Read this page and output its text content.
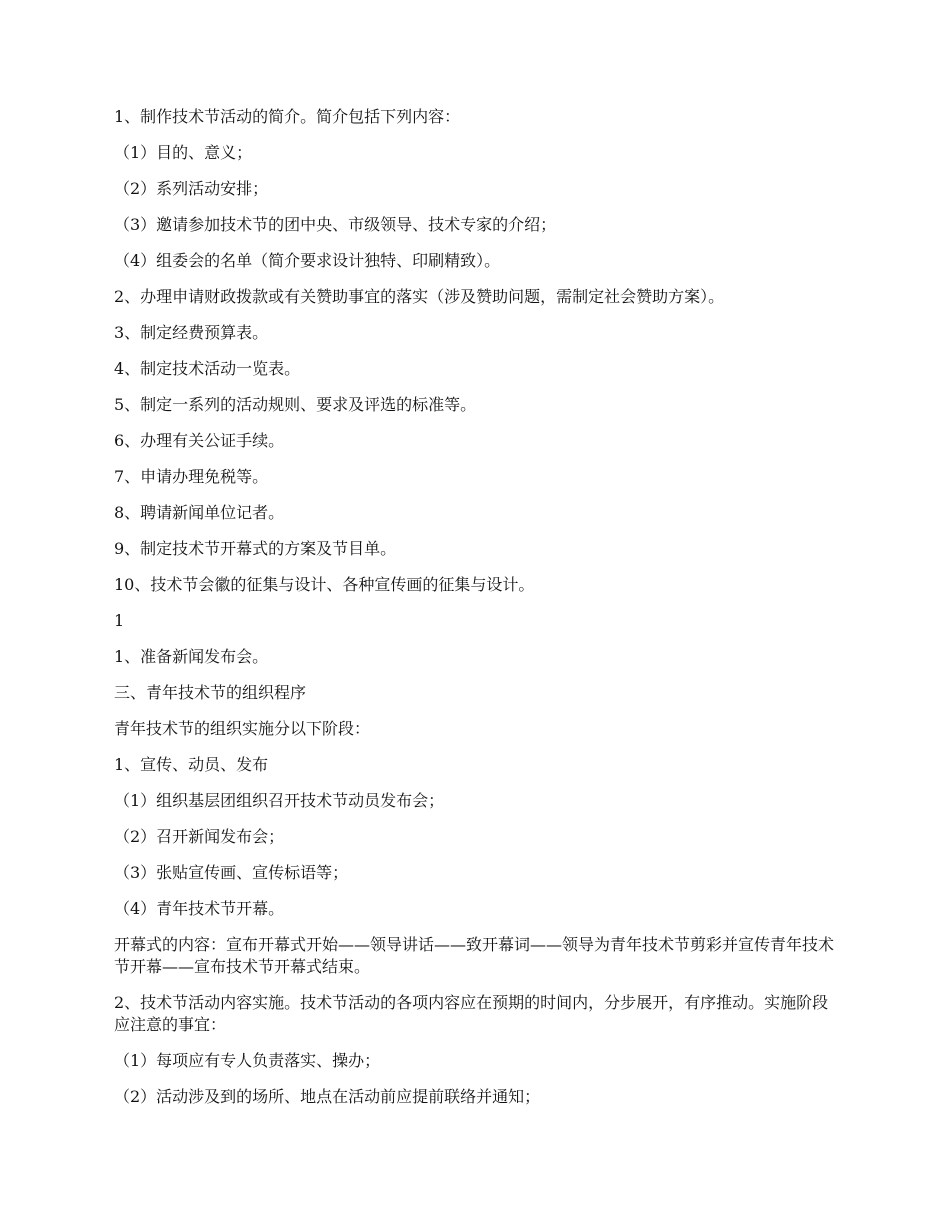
1、制作技术节活动的简介。简介包括下列内容：

（1）目的、意义；

（2）系列活动安排；

（3）邀请参加技术节的团中央、市级领导、技术专家的介绍；

（4）组委会的名单（简介要求设计独特、印刷精致）。

2、办理申请财政拨款或有关赞助事宜的落实（涉及赞助问题，需制定社会赞助方案）。

3、制定经费预算表。

4、制定技术活动一览表。

5、制定一系列的活动规则、要求及评选的标准等。

6、办理有关公证手续。

7、申请办理免税等。

8、聘请新闻单位记者。

9、制定技术节开幕式的方案及节目单。

10、技术节会徽的征集与设计、各种宣传画的征集与设计。

1

1、准备新闻发布会。

三、青年技术节的组织程序

青年技术节的组织实施分以下阶段：

1、宣传、动员、发布

（1）组织基层团组织召开技术节动员发布会；

（2）召开新闻发布会；

（3）张贴宣传画、宣传标语等；

（4）青年技术节开幕。

开幕式的内容：宣布开幕式开始——领导讲话——致开幕词——领导为青年技术节剪彩并宣传青年技术节开幕——宣布技术节开幕式结束。

2、技术节活动内容实施。技术节活动的各项内容应在预期的时间内，分步展开，有序推动。实施阶段应注意的事宜：

（1）每项应有专人负责落实、操办；

（2）活动涉及到的场所、地点在活动前应提前联络并通知；
